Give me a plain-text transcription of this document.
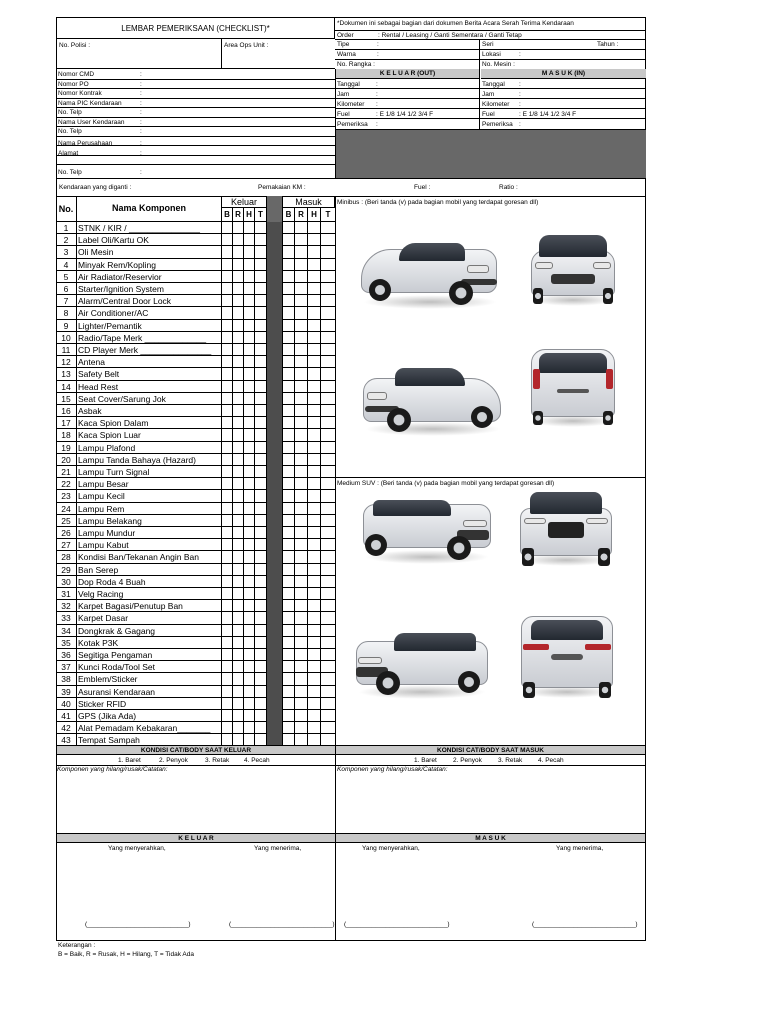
LEMBAR PEMERIKSAAN (CHECKLIST)*
*Dokumen ini sebagai bagian dari dokumen Berita Acara Serah Terima Kendaraan
Order	: Rental / Leasing / Ganti Sementara / Ganti Tetap
No. Polisi :	Area Ops Unit :	Tipe	:	Seri	Tahun :
Warna	:	Lokasi	:
No. Rangka :	No. Mesin :
Nomor CMD	:
Nomor PO	:
Nomor Kontrak	:
Nama PIC Kendaraan	:
No. Telp	:
Nama User Kendaraan :
No. Telp	:
Nama Perusahaan	:
Alamat	:
No. Telp	:
K E L U A R (OUT)	M A S U K (IN)
Tanggal :
Jam	:
Kilometer :
Fuel	: E 1/8 1/4 1/2 3/4 F
Pemeriksa :
Tanggal :
Jam	:
Kilometer :
Fuel	: E 1/8 1/4 1/2 3/4 F
Pemeriksa :
Kendaraan yang diganti :	Pemakaian KM :	Fuel :	Ratio :
No.	Nama Komponen
Keluar	Masuk
B R H T	B R H	T
1	STNK / KIR / _______________
2	Label Oli/Kartu OK
3	Oli Mesin
4	Minyak Rem/Kopling
5	Air Radiator/Reservior
6	Starter/Ignition System
7	Alarm/Central Door Lock
8	Air Conditioner/AC
9	Lighter/Pemantik
10 Radio/Tape Merk _____________
11 CD Player Merk _______________
12 Antena
13 Safety Belt
14 Head Rest
15 Seat Cover/Sarung Jok
16 Asbak
17 Kaca Spion Dalam
18 Kaca Spion Luar
19 Lampu Plafond
20 Lampu Tanda Bahaya (Hazard)
21 Lampu Turn Signal
22 Lampu Besar
23 Lampu Kecil
24 Lampu Rem
25 Lampu Belakang
26 Lampu Mundur
27 Lampu Kabut
28 Kondisi Ban/Tekanan Angin Ban
29 Ban Serep
30 Dop Roda 4 Buah
31 Velg Racing
32 Karpet Bagasi/Penutup Ban
33 Karpet Dasar
34 Dongkrak & Gagang
35 Kotak P3K
36 Segitiga Pengaman
37 Kunci Roda/Tool Set
38 Emblem/Sticker
39 Asuransi Kendaraan
40 Sticker RFID
41 GPS (Jika Ada)
42 Alat Pemadam Kebakaran_______
43 Tempat Sampah
Minibus : (Beri tanda (v) pada bagian mobil yang terdapat goresan dll)
Medium SUV : (Beri tanda (v) pada bagian mobil yang terdapat goresan dll)
KONDISI CAT/BODY SAAT KELUAR	KONDISI CAT/BODY SAAT MASUK
1. Baret	2. Penyok	3. Retak 4. Pecah	1. Baret 2. Penyok 3. Retak 4. Pecah
Komponen yang hilang/rusak/Catatan:	Komponen yang hilang/rusak/Catatan:
K E L U A R	M A S U K
Yang menyerahkan,	Yang menerima,	Yang menyerahkan,	Yang menerima,
(____________________________)	(____________________________) (____________________________)	(____________________________)
Keterangan :
B = Baik, R = Rusak, H = Hilang, T = Tidak Ada
